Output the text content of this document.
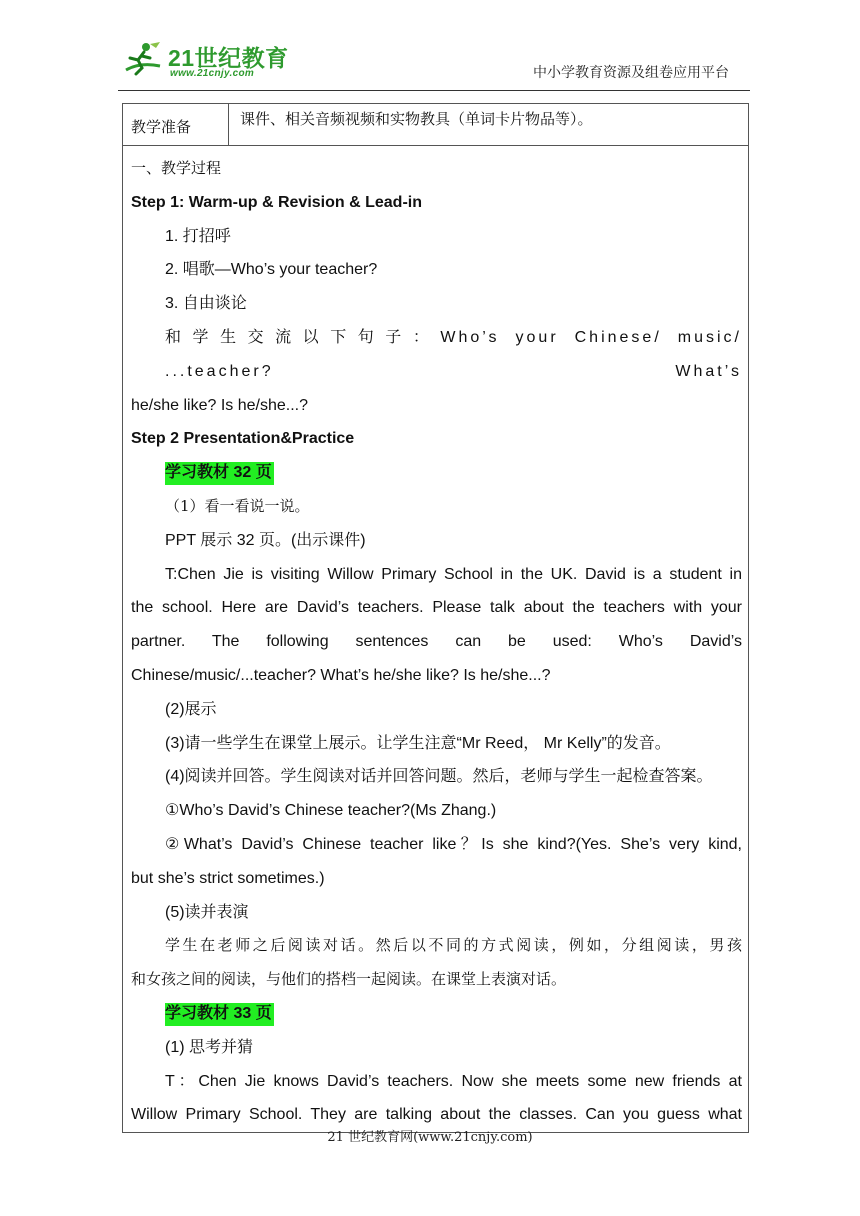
21世纪教育
www.21cnjy.com	中小学教育资源及组卷应用平台
教学准备	课件、相关音频视频和实物教具（单词卡片物品等）。

一、教学过程
Step 1: Warm-up & Revision & Lead-in
1. 打招呼
2. 唱歌—Who’s your teacher?
3. 自由谈论
和学生交流以下句子：Who’s your Chinese/ music/ ...teacher? What’s
he/she like? Is he/she...?
Step 2 Presentation&Practice
学习教材 32 页
（1）看一看说一说。
PPT 展示 32 页。(出示课件)
T:Chen Jie is visiting Willow Primary School in the UK. David is a student in
the school. Here are David’s teachers. Please talk about the teachers with your
partner. The following sentences can be used: Who’s David’s
Chinese/music/...teacher? What’s he/she like? Is he/she...?
(2)展示
(3)请一些学生在课堂上展示。让学生注意“Mr Reed， Mr Kelly”的发音。
(4)阅读并回答。学生阅读对话并回答问题。然后，老师与学生一起检查答案。
①Who’s David’s Chinese teacher?(Ms Zhang.)
②What’s David’s Chinese teacher like？Is she kind?(Yes. She’s very kind,
but she’s strict sometimes.)
(5)读并表演
学生在老师之后阅读对话。然后以不同的方式阅读，例如，分组阅读，男孩
和女孩之间的阅读，与他们的搭档一起阅读。在课堂上表演对话。
学习教材 33 页
(1) 思考并猜
T：Chen Jie knows David’s teachers. Now she meets some new friends at
Willow Primary School. They are talking about the classes. Can you guess what
21 世纪教育网(www.21cnjy.com)
